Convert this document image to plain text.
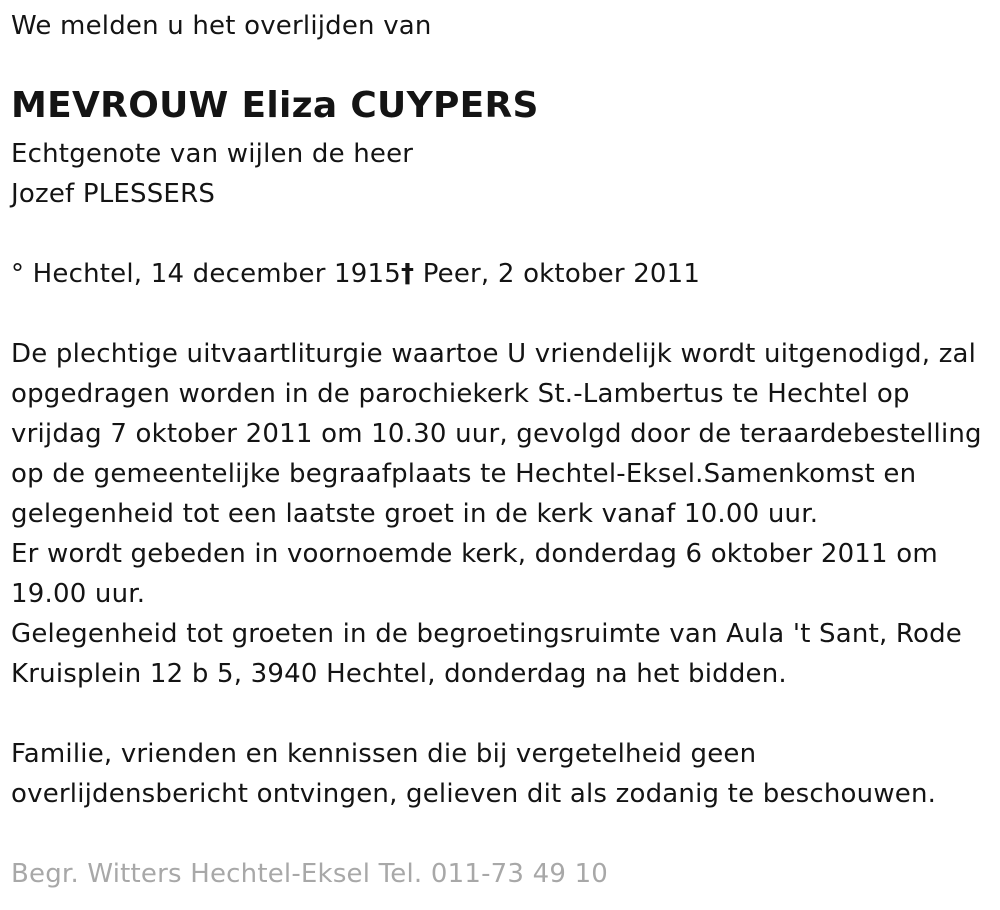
We melden u het overlijden van
MEVROUW Eliza CUYPERS
Echtgenote van wijlen de heer
Jozef PLESSERS
° Hechtel, 14 december 1915† Peer, 2 oktober 2011
De plechtige uitvaartliturgie waartoe U vriendelijk wordt uitgenodigd, zal
opgedragen worden in de parochiekerk St.-Lambertus te Hechtel op
vrijdag 7 oktober 2011 om 10.30 uur, gevolgd door de teraardebestelling
op de gemeentelijke begraafplaats te Hechtel-Eksel.Samenkomst en
gelegenheid tot een laatste groet in de kerk vanaf 10.00 uur.
Er wordt gebeden in voornoemde kerk, donderdag 6 oktober 2011 om
19.00 uur.
Gelegenheid tot groeten in de begroetingsruimte van Aula 't Sant, Rode
Kruisplein 12 b 5, 3940 Hechtel, donderdag na het bidden.
Familie, vrienden en kennissen die bij vergetelheid geen
overlijdensbericht ontvingen, gelieven dit als zodanig te beschouwen.
Begr. Witters Hechtel-Eksel Tel. 011-73 49 10
